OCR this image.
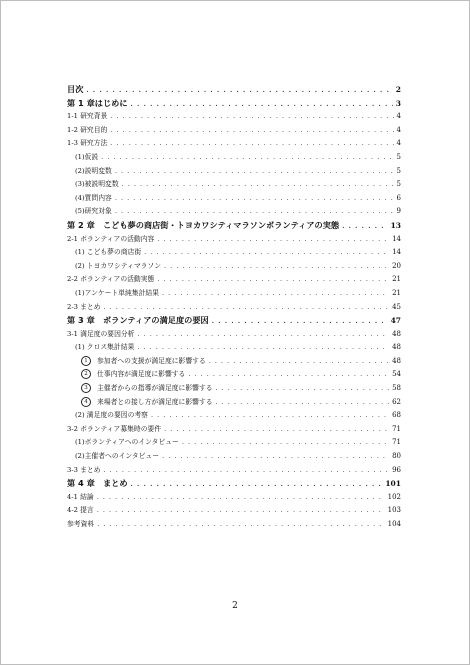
目次 . . .	2
第 1 章はじめに . . .	3
1-1 研究背景 . . .	4
1-2 研究目的 . . .	4
1-3 研究方法 . . .	4
(1)仮説 . . .	5
(2)説明変数 . . .	5
(3)被説明変数 . . .	5
(4)質問内容 . . .	6
(5)研究対象 . . .	9
第 2 章　こども夢の商店街・トヨカワシティマラソンボランティアの実態 . . .	13
2-1 ボランティアの活動内容 . . .	14
(1) こども夢の商店街 . . .	14
(2) トヨカワシティマラソン . . .	20
2-2 ボランティアの活動実態 . . .	21
(1)アンケート単純集計結果 . . .	21
2-3 まとめ . . .	45
第 3 章　ボランティアの満足度の要因 . . .	47
3-1 満足度の要因分析 . . .	48
(1) クロス集計結果 . . .	48
1 参加者への支援が満足度に影響する . . .	48
2 仕事内容が満足度に影響する . . .	54
3 主催者からの指導が満足度に影響する . . .	58
4 来場者との接し方が満足度に影響する . . .	62
(2) 満足度の要因の考察 . . .	68
3-2 ボランティア募集時の要件 . . .	71
(1)ボランティアへのインタビュー . . .	71
(2)主催者へのインタビュー . . .	80
3-3 まとめ . . .	96
第 4 章　まとめ . . .	101
4-1 結論 . . .	102
4-2 提言 . . .	103
参考資料 . . .	104
2
